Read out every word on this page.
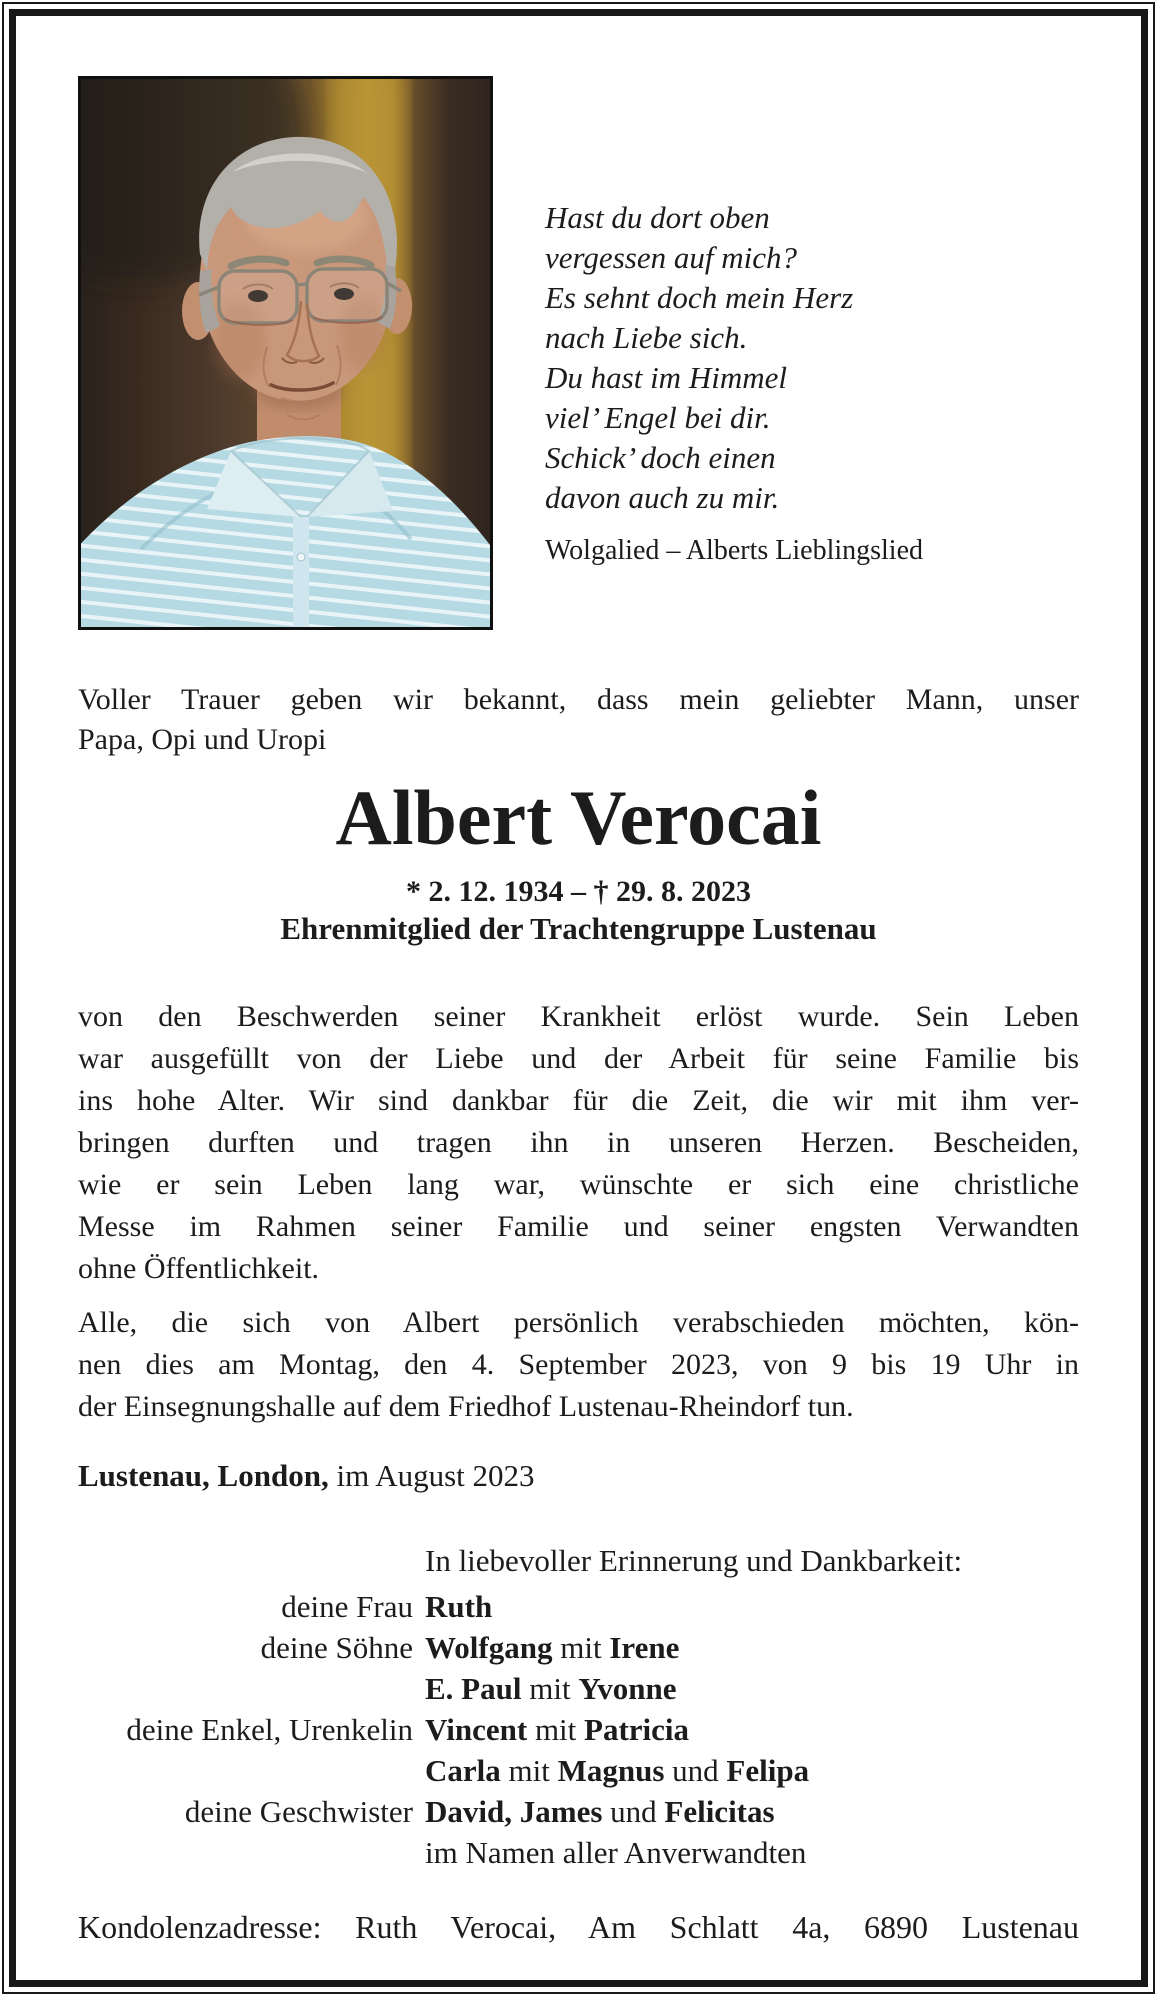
Hast du dort oben
vergessen auf mich?
Es sehnt doch mein Herz
nach Liebe sich.
Du hast im Himmel
viel’ Engel bei dir.
Schick’ doch einen
davon auch zu mir.
Wolgalied – Alberts Lieblingslied
Voller Trauer geben wir bekannt, dass mein geliebter Mann, unser
Papa, Opi und Uropi
Albert Verocai
* 2. 12. 1934 – † 29. 8. 2023
Ehrenmitglied der Trachtengruppe Lustenau
von den Beschwerden seiner Krankheit erlöst wurde. Sein Leben
war ausgefüllt von der Liebe und der Arbeit für seine Familie bis
ins hohe Alter. Wir sind dankbar für die Zeit, die wir mit ihm ver-
bringen durften und tragen ihn in unseren Herzen. Bescheiden,
wie er sein Leben lang war, wünschte er sich eine christliche
Messe im Rahmen seiner Familie und seiner engsten Verwandten
ohne Öffentlichkeit.
Alle, die sich von Albert persönlich verabschieden möchten, kön-
nen dies am Montag, den 4. September 2023, von 9 bis 19 Uhr in
der Einsegnungshalle auf dem Friedhof Lustenau-Rheindorf tun.
Lustenau, London, im August 2023
In liebevoller Erinnerung und Dankbarkeit:
deine Frau Ruth
deine Söhne Wolfgang mit Irene
E. Paul mit Yvonne
deine Enkel, Urenkelin Vincent mit Patricia
Carla mit Magnus und Felipa
deine Geschwister David, James und Felicitas
im Namen aller Anverwandten
Kondolenzadresse: Ruth Verocai, Am Schlatt 4a, 6890 Lustenau
